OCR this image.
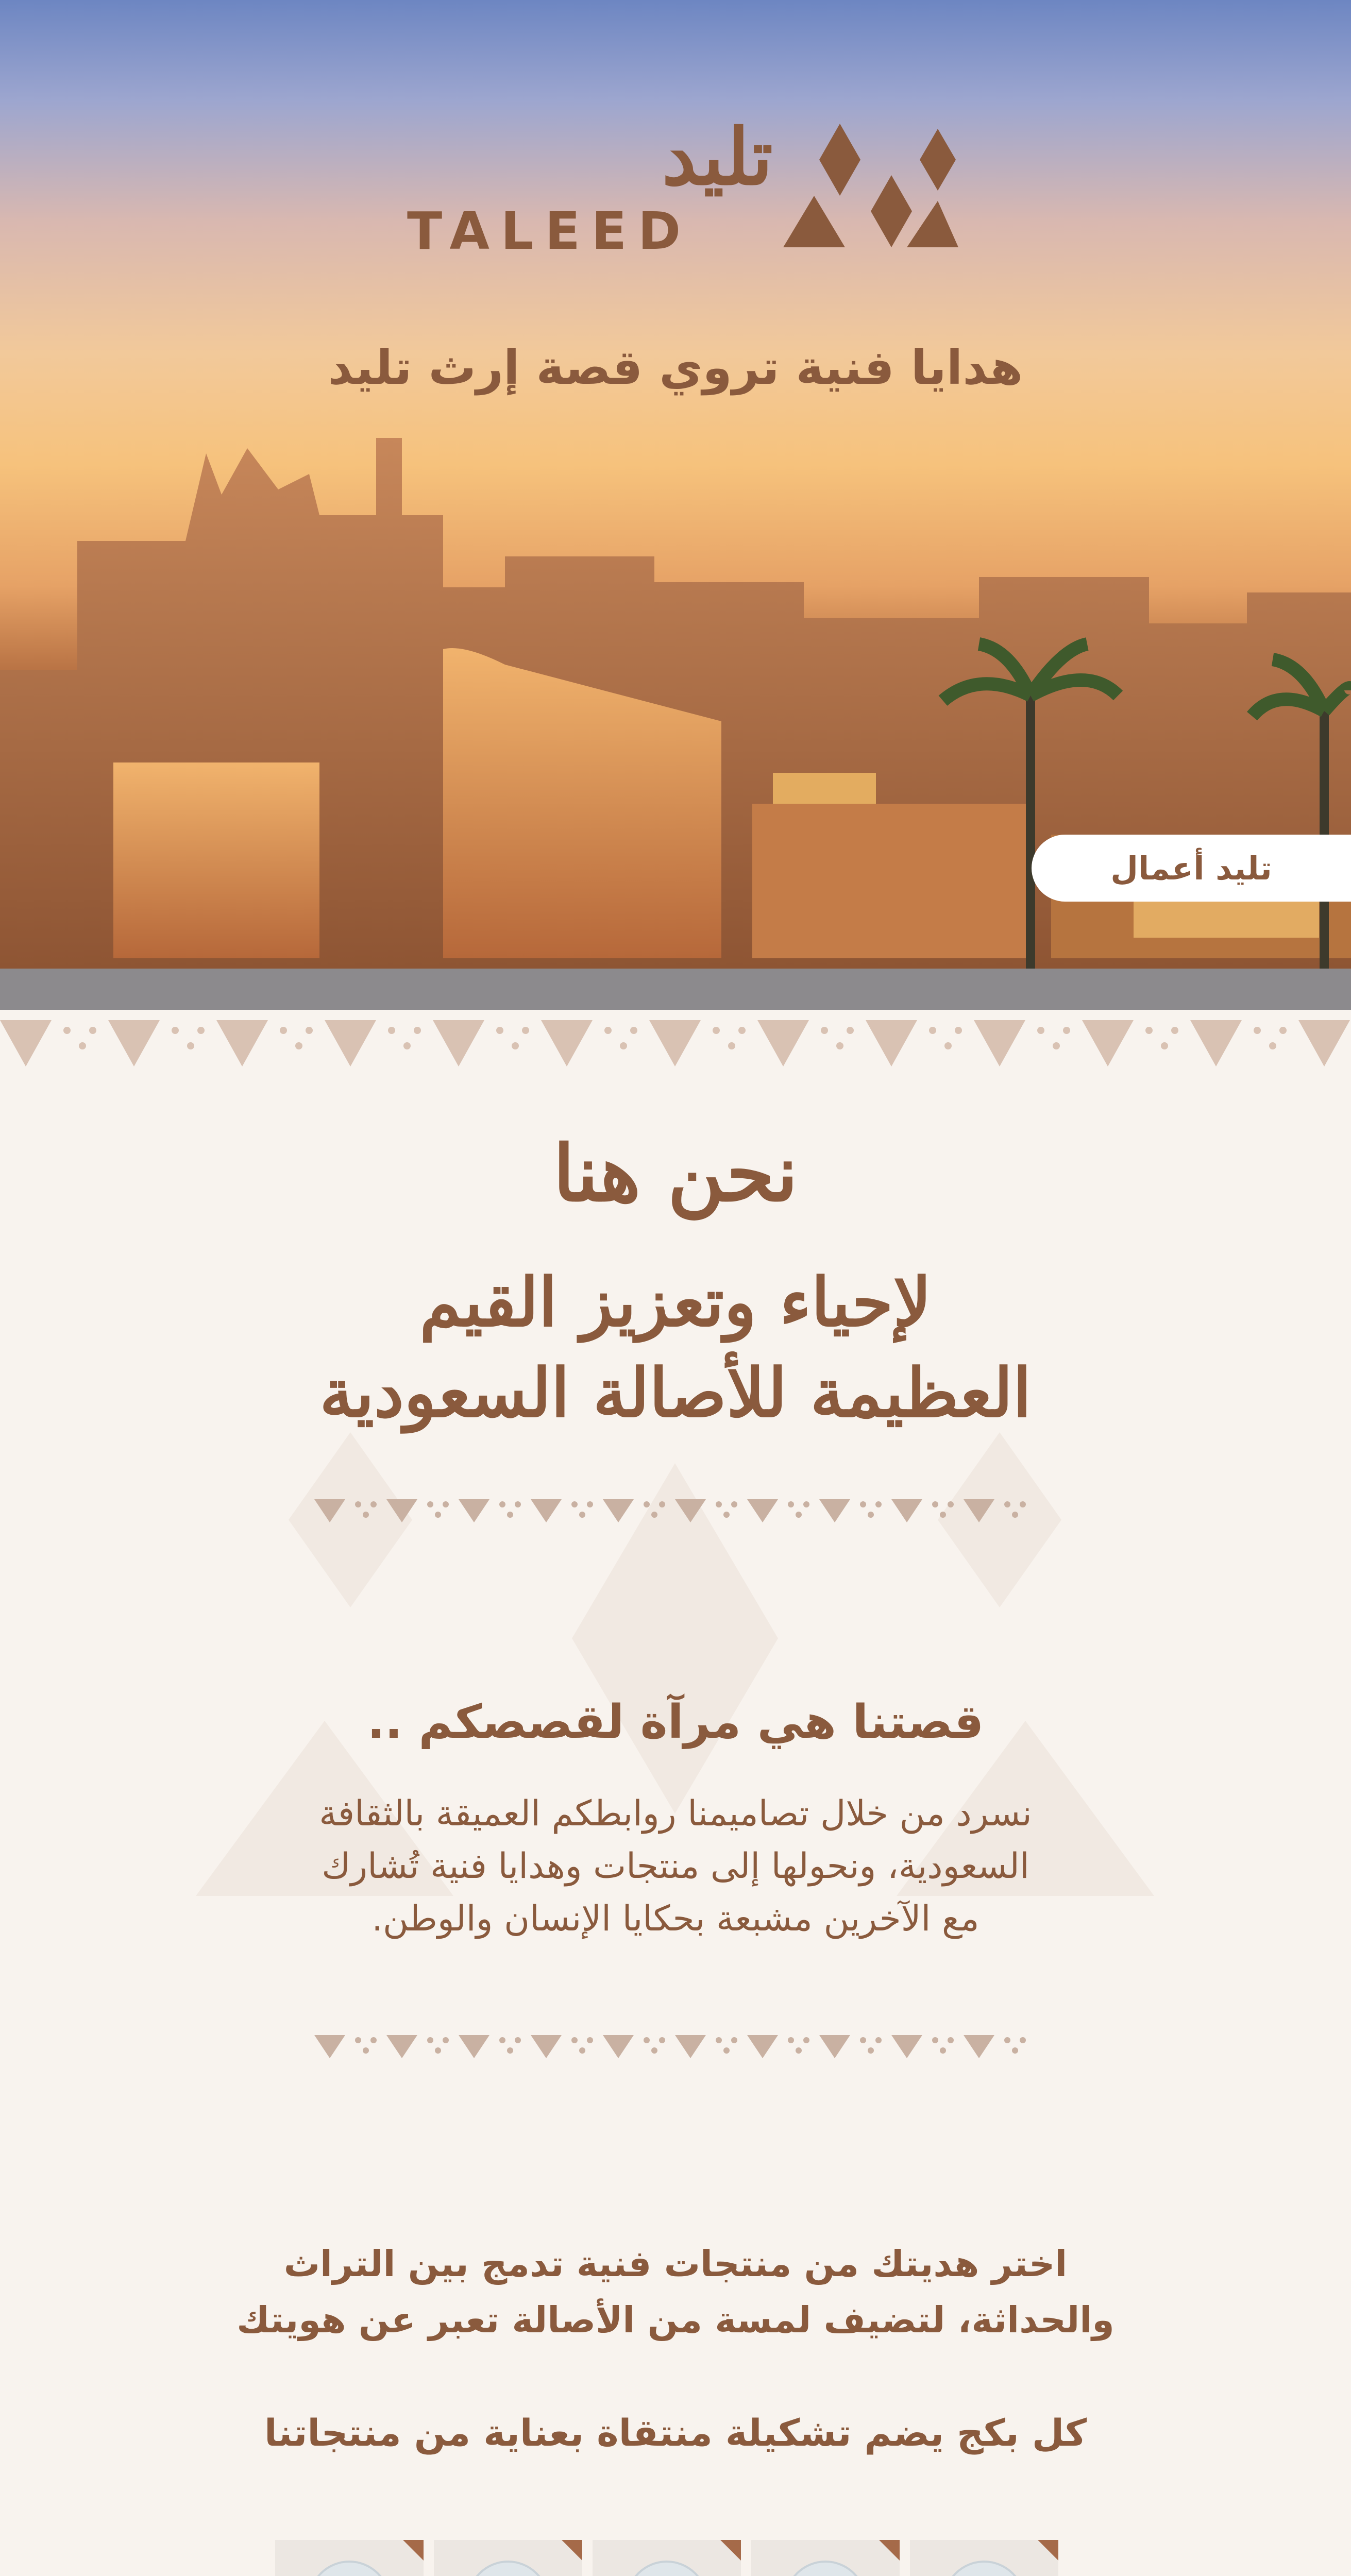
تليد
TALEED
هدايا فنية تروي قصة إرث تليد
تليد أعمال
نحن هنا
لإحياء وتعزيز القيم
العظيمة للأصالة السعودية
قصتنا هي مرآة لقصصكم ..
نسرد من خلال تصاميمنا روابطكم العميقة بالثقافة
السعودية، ونحولها إلى منتجات وهدايا فنية تُشارك
مع الآخرين مشبعة بحكايا الإنسان والوطن.
اختر هديتك من منتجات فنية تدمج بين التراث
والحداثة، لتضيف لمسة من الأصالة تعبر عن هويتك
كل بكج يضم تشكيلة منتقاة بعناية من منتجاتنا
